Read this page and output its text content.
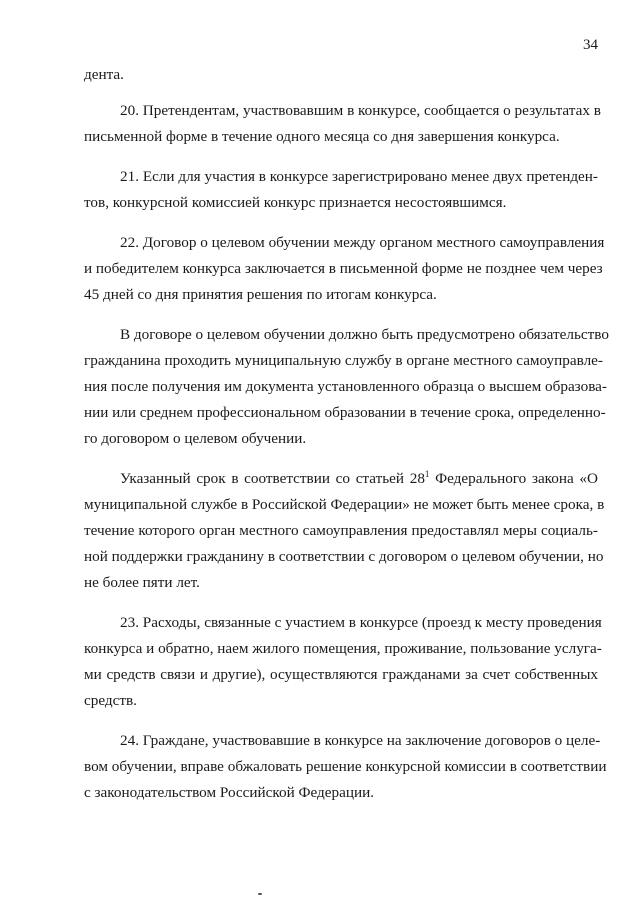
34
дента.
20. Претендентам, участвовавшим в конкурсе, сообщается о результатах в
письменной форме в течение одного месяца со дня завершения конкурса.
21. Если для участия в конкурсе зарегистрировано менее двух претенден-
тов, конкурсной комиссией конкурс признается несостоявшимся.
22. Договор о целевом обучении между органом местного самоуправления
и победителем конкурса заключается в письменной форме не позднее чем через
45 дней со дня принятия решения по итогам конкурса.
В договоре о целевом обучении должно быть предусмотрено обязательство
гражданина проходить муниципальную службу в органе местного самоуправле-
ния после получения им документа установленного образца о высшем образова-
нии или среднем профессиональном образовании в течение срока, определенно-
го договором о целевом обучении.
Указанный срок в соответствии со статьей $28^1$ Федерального закона «О
муниципальной службе в Российской Федерации» не может быть менее срока, в
течение которого орган местного самоуправления предоставлял меры социаль-
ной поддержки гражданину в соответствии с договором о целевом обучении, но
не более пяти лет.
23. Расходы, связанные с участием в конкурсе (проезд к месту проведения
конкурса и обратно, наем жилого помещения, проживание, пользование услуга-
ми средств связи и другие), осуществляются гражданами за счет собственных
средств.
24. Граждане, участвовавшие в конкурсе на заключение договоров о целе-
вом обучении, вправе обжаловать решение конкурсной комиссии в соответствии
с законодательством Российской Федерации.
